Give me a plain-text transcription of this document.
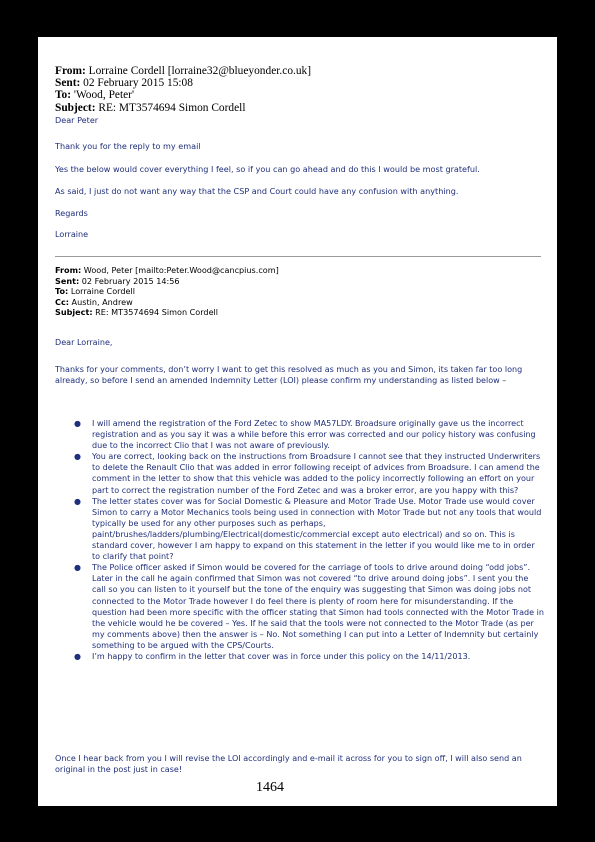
From: Lorraine Cordell [lorraine32@blueyonder.co.uk]
Sent: 02 February 2015 15:08
To: 'Wood, Peter'
Subject: RE: MT3574694 Simon Cordell
Dear Peter
Thank you for the reply to my email
Yes the below would cover everything I feel, so if you can go ahead and do this I would be most grateful.
As said, I just do not want any way that the CSP and Court could have any confusion with anything.
Regards
Lorraine
From: Wood, Peter [mailto:Peter.Wood@cancpius.com]
Sent: 02 February 2015 14:56
To: Lorraine Cordell
Cc: Austin, Andrew
Subject: RE: MT3574694 Simon Cordell
Dear Lorraine,
Thanks for your comments, don’t worry I want to get this resolved as much as you and Simon, its taken far too long already, so before I send an amended Indemnity Letter (LOI) please confirm my understanding as listed below –
● I will amend the registration of the Ford Zetec to show MA57LDY. Broadsure originally gave us the incorrect registration and as you say it was a while before this error was corrected and our policy history was confusing due to the incorrect Clio that I was not aware of previously.
● You are correct, looking back on the instructions from Broadsure I cannot see that they instructed Underwriters to delete the Renault Clio that was added in error following receipt of advices from Broadsure. I can amend the comment in the letter to show that this vehicle was added to the policy incorrectly following an effort on your part to correct the registration number of the Ford Zetec and was a broker error, are you happy with this?
● The letter states cover was for Social Domestic & Pleasure and Motor Trade Use. Motor Trade use would cover Simon to carry a Motor Mechanics tools being used in connection with Motor Trade but not any tools that would typically be used for any other purposes such as perhaps, paint/brushes/ladders/plumbing/Electrical(domestic/commercial except auto electrical) and so on. This is standard cover, however I am happy to expand on this statement in the letter if you would like me to in order to clarify that point?
● The Police officer asked if Simon would be covered for the carriage of tools to drive around doing “odd jobs”. Later in the call he again confirmed that Simon was not covered “to drive around doing jobs”. I sent you the call so you can listen to it yourself but the tone of the enquiry was suggesting that Simon was doing jobs not connected to the Motor Trade however I do feel there is plenty of room here for misunderstanding. If the question had been more specific with the officer stating that Simon had tools connected with the Motor Trade in the vehicle would he be covered – Yes. If he said that the tools were not connected to the Motor Trade (as per my comments above) then the answer is – No. Not something I can put into a Letter of Indemnity but certainly something to be argued with the CPS/Courts.
● I’m happy to confirm in the letter that cover was in force under this policy on the 14/11/2013.
Once I hear back from you I will revise the LOI accordingly and e-mail it across for you to sign off, I will also send an original in the post just in case!
1464
